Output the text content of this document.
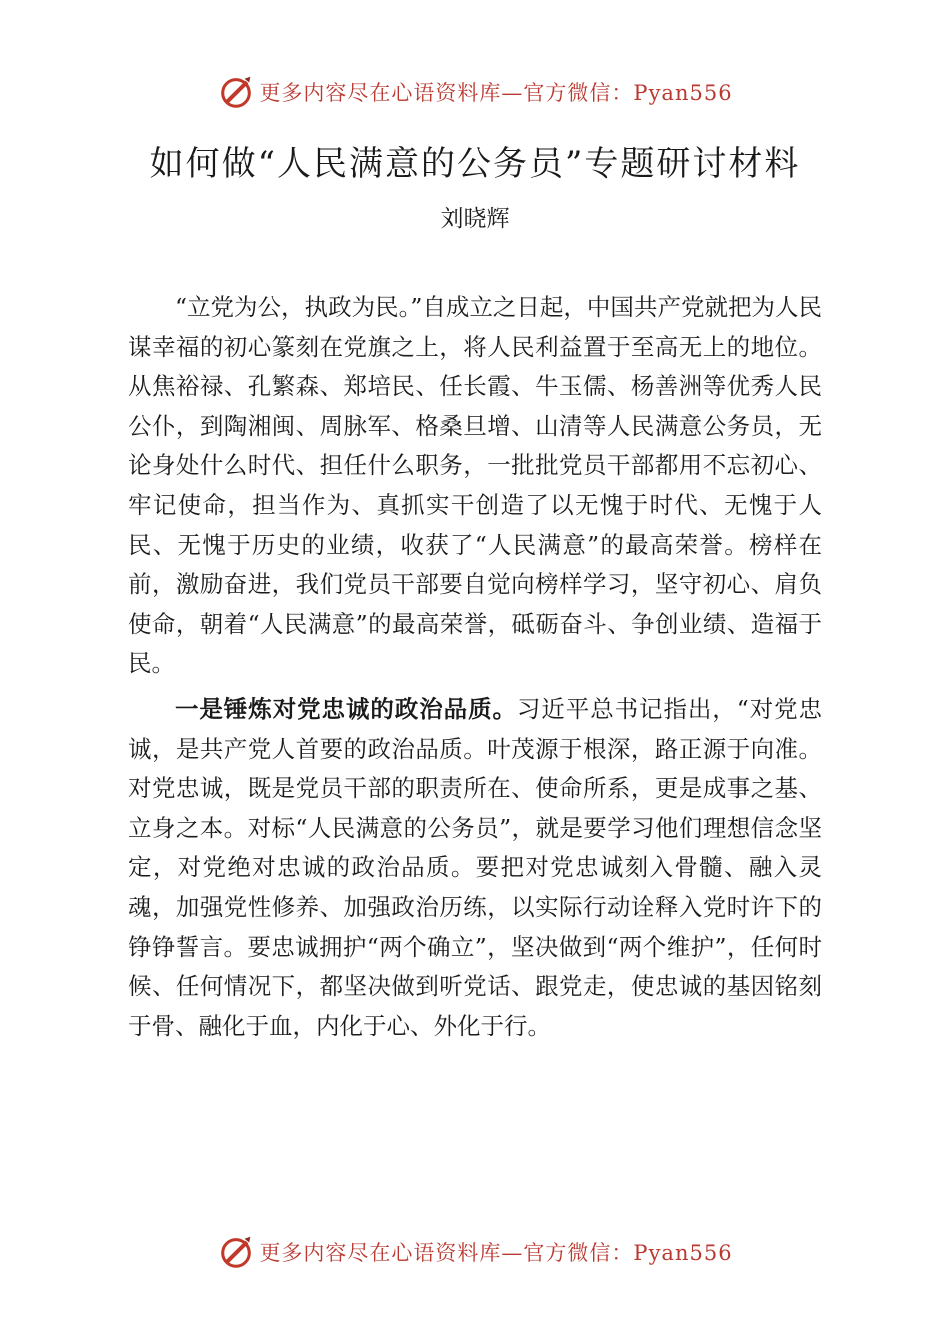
更多内容尽在心语资料库—官方微信：Pyan556
如何做“人民满意的公务员”专题研讨材料
刘晓辉

“立党为公，执政为民。”自成立之日起，中国共产党就把为人民谋幸福的初心篆刻在党旗之上，将人民利益置于至高无上的地位。从焦裕禄、孔繁森、郑培民、任长霞、牛玉儒、杨善洲等优秀人民公仆，到陶湘闽、周脉军、格桑旦增、山清等人民满意公务员，无论身处什么时代、担任什么职务，一批批党员干部都用不忘初心、牢记使命，担当作为、真抓实干创造了以无愧于时代、无愧于人民、无愧于历史的业绩，收获了“人民满意”的最高荣誉。榜样在前，激励奋进，我们党员干部要自觉向榜样学习，坚守初心、肩负使命，朝着“人民满意”的最高荣誉，砥砺奋斗、争创业绩、造福于民。

一是锤炼对党忠诚的政治品质。习近平总书记指出，“对党忠诚，是共产党人首要的政治品质。叶茂源于根深，路正源于向准。对党忠诚，既是党员干部的职责所在、使命所系，更是成事之基、立身之本。对标“人民满意的公务员”，就是要学习他们理想信念坚定，对党绝对忠诚的政治品质。要把对党忠诚刻入骨髓、融入灵魂，加强党性修养、加强政治历练，以实际行动诠释入党时许下的铮铮誓言。要忠诚拥护“两个确立”，坚决做到“两个维护”，任何时候、任何情况下，都坚决做到听党话、跟党走，使忠诚的基因铭刻于骨、融化于血，内化于心、外化于行。

更多内容尽在心语资料库—官方微信：Pyan556
